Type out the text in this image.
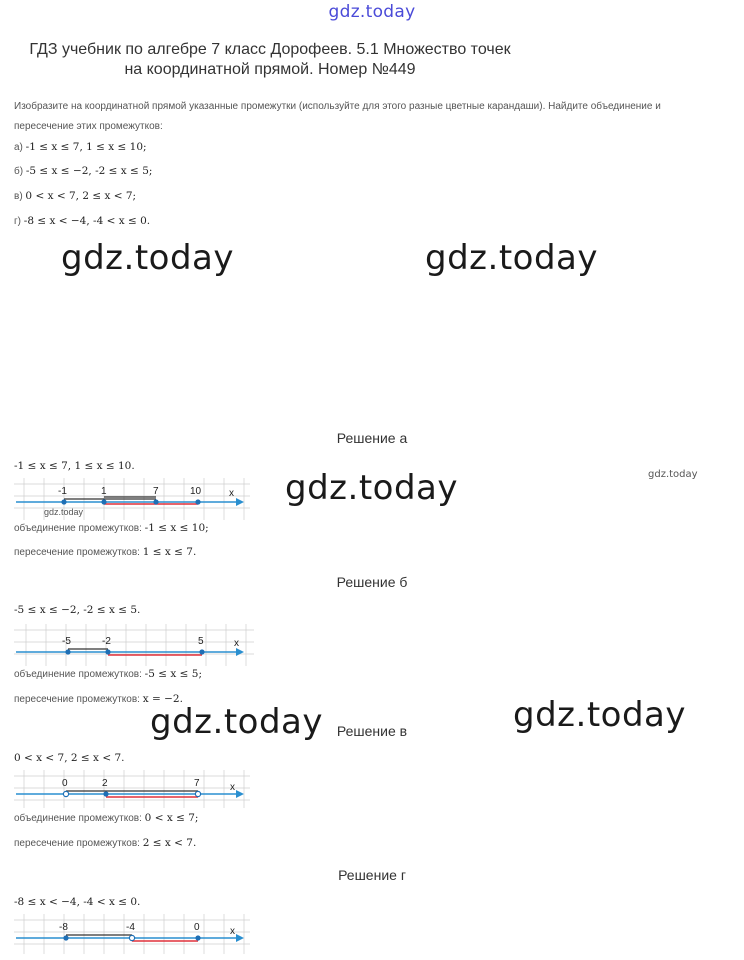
gdz.today
ГДЗ учебник по алгебре 7 класс Дорофеев. 5.1 Множество точек на координатной прямой. Номер №449
Изобразите на координатной прямой указанные промежутки (используйте для этого разные цветные карандаши). Найдите объединение и
пересечение этих промежутков:
а) -1 ≤ x ≤ 7, 1 ≤ x ≤ 10;
б) -5 ≤ x ≤ −2, -2 ≤ x ≤ 5;
в) 0 < x < 7, 2 ≤ x < 7;
г) -8 ≤ x < −4, -4 < x ≤ 0.
gdz.today	gdz.today
Решение а
-1 ≤ x ≤ 7, 1 ≤ x ≤ 10.
gdz.today	gdz.today
-1	1	7	10	x
gdz.today
объединение промежутков: -1 ≤ x ≤ 10;
пересечение промежутков: 1 ≤ x ≤ 7.
Решение б
-5 ≤ x ≤ −2, -2 ≤ x ≤ 5.
-5	-2	5	x
объединение промежутков: -5 ≤ x ≤ 5;
пересечение промежутков: x = −2.
gdz.today	gdz.today
Решение в
0 < x < 7, 2 ≤ x < 7.
0	2	7	x
объединение промежутков: 0 < x ≤ 7;
пересечение промежутков: 2 ≤ x < 7.
Решение г
-8 ≤ x < −4, -4 < x ≤ 0.
-8	-4	0	x
